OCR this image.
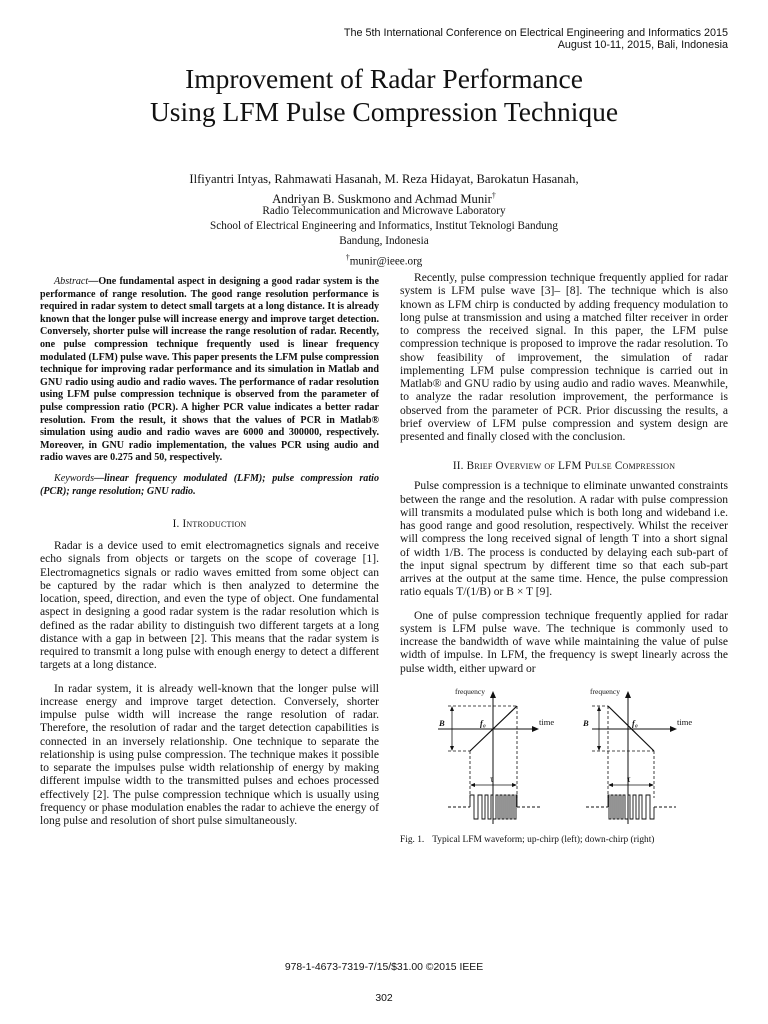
The 5th International Conference on Electrical Engineering and Informatics 2015
August 10-11, 2015, Bali, Indonesia
Improvement of Radar Performance
Using LFM Pulse Compression Technique
Ilfiyantri Intyas, Rahmawati Hasanah, M. Reza Hidayat, Barokatun Hasanah,
Andriyan B. Suskmono and Achmad Munir†
Radio Telecommunication and Microwave Laboratory
School of Electrical Engineering and Informatics, Institut Teknologi Bandung
Bandung, Indonesia
†munir@ieee.org

Abstract—One fundamental aspect in designing a good radar system is the performance of range resolution. The good range resolution performance is required in radar system to detect small targets at a long distance. It is already known that the longer pulse will increase energy and improve target detection. Conversely, shorter pulse will increase the range resolution of radar. Recently, one pulse compression technique frequently used is linear frequency modulated (LFM) pulse wave. This paper presents the LFM pulse compression technique for improving radar performance and its simulation in Matlab and GNU radio using audio and radio waves. The performance of radar resolution using LFM pulse compression technique is observed from the parameter of pulse compression ratio (PCR). A higher PCR value indicates a better radar resolution. From the result, it shows that the values of PCR in Matlab® simulation using audio and radio waves are 6000 and 300000, respectively. Moreover, in GNU radio implementation, the values PCR using audio and radio waves are 0.275 and 50, respectively.

Keywords—linear frequency modulated (LFM); pulse compression ratio (PCR); range resolution; GNU radio.

I. Introduction

Radar is a device used to emit electromagnetics signals and receive echo signals from objects or targets on the scope of coverage [1]. Electromagnetics signals or radio waves emitted from some object can be captured by the radar which is then analyzed to determine the location, speed, direction, and even the type of object. One fundamental aspect in designing a good radar system is the radar resolution which is defined as the radar ability to distinguish two different targets at a long distance with a gap in between [2]. This means that the radar system is required to transmit a long pulse with enough energy to detect a different targets at a long distance.

In radar system, it is already well-known that the longer pulse will increase energy and improve target detection. Conversely, shorter impulse pulse width will increase the range resolution of radar. Therefore, the resolution of radar and the target detection capabilities is connected in an inversely relationship. One technique to separate the relationship is using pulse compression. The technique makes it possible to separate the impulses pulse width relationship of energy by making different impulse width to the transmitted pulses and echoes processed effectively [2]. The pulse compression technique which is usually using frequency or phase modulation enables the radar to achieve the energy of long pulse and resolution of short pulse simultaneously.

Recently, pulse compression technique frequently applied for radar system is LFM pulse wave [3]– [8]. The technique which is also known as LFM chirp is conducted by adding frequency modulation to long pulse at transmission and using a matched filter receiver in order to compress the received signal. In this paper, the LFM pulse compression technique is proposed to improve the radar resolution. To show feasibility of improvement, the simulation of radar implementing LFM pulse compression technique is carried out in Matlab® and GNU radio by using audio and radio waves. Meanwhile, to analyze the radar resolution improvement, the performance is observed from the parameter of PCR. Prior discussing the results, a brief overview of LFM pulse compression and system design are presented and finally closed with the conclusion.

II. Brief Overview of LFM Pulse Compression

Pulse compression is a technique to eliminate unwanted constraints between the range and the resolution. A radar with pulse compression will transmits a modulated pulse which is both long and wideband i.e. has good range and good resolution, respectively. Whilst the receiver will compress the long received signal of length T into a short signal of width 1/B. The process is conducted by delaying each sub-part of the input signal spectrum by different time so that each sub-part arrives at the output at the same time. Hence, the pulse compression ratio equals T/(1/B) or B × T [9].

One of pulse compression technique frequently applied for radar system is LFM pulse wave. The technique is commonly used to increase the bandwidth of wave while maintaining the value of pulse width of impulse. In LFM, the frequency is swept linearly across the pulse width, either upward or

frequency
time
B	f₀
τ
frequency
time
B	f₀
τ
Fig. 1. Typical LFM waveform; up-chirp (left); down-chirp (right)
978-1-4673-7319-7/15/$31.00 ©2015 IEEE
302
